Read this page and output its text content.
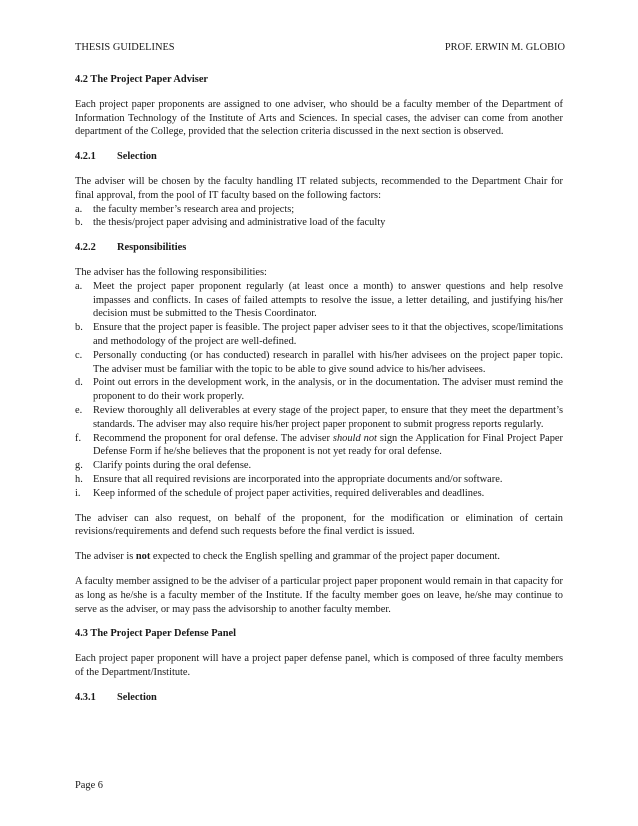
THESIS GUIDELINES	PROF. ERWIN M. GLOBIO

4.2 The Project Paper Adviser

Each project paper proponents are assigned to one adviser, who should be a faculty member of the Department of Information Technology of the Institute of Arts and Sciences. In special cases, the adviser can come from another department of the College, provided that the selection criteria discussed in the next section is observed.

4.2.1 Selection

The adviser will be chosen by the faculty handling IT related subjects, recommended to the Department Chair for final approval, from the pool of IT faculty based on the following factors:

a. the faculty member’s research area and projects;
b. the thesis/project paper advising and administrative load of the faculty

4.2.2 Responsibilities

The adviser has the following responsibilities:

a. Meet the project paper proponent regularly (at least once a month) to answer questions and help resolve impasses and conflicts. In cases of failed attempts to resolve the issue, a letter detailing, and justifying his/her decision must be submitted to the Thesis Coordinator.
b. Ensure that the project paper is feasible. The project paper adviser sees to it that the objectives, scope/limitations and methodology of the project are well-defined.
c. Personally conducting (or has conducted) research in parallel with his/her advisees on the project paper topic. The adviser must be familiar with the topic to be able to give sound advice to his/her advisees.
d. Point out errors in the development work, in the analysis, or in the documentation. The adviser must remind the proponent to do their work properly.
e. Review thoroughly all deliverables at every stage of the project paper, to ensure that they meet the department’s standards. The adviser may also require his/her project paper proponent to submit progress reports regularly.
f. Recommend the proponent for oral defense. The adviser should not sign the Application for Final Project Paper Defense Form if he/she believes that the proponent is not yet ready for oral defense.
g. Clarify points during the oral defense.
h. Ensure that all required revisions are incorporated into the appropriate documents and/or software.
i. Keep informed of the schedule of project paper activities, required deliverables and deadlines.

The adviser can also request, on behalf of the proponent, for the modification or elimination of certain revisions/requirements and defend such requests before the final verdict is issued.

The adviser is not expected to check the English spelling and grammar of the project paper document.

A faculty member assigned to be the adviser of a particular project paper proponent would remain in that capacity for as long as he/she is a faculty member of the Institute. If the faculty member goes on leave, he/she may continue to serve as the adviser, or may pass the advisorship to another faculty member.

4.3 The Project Paper Defense Panel

Each project paper proponent will have a project paper defense panel, which is composed of three faculty members of the Department/Institute.

4.3.1 Selection

Page 6
